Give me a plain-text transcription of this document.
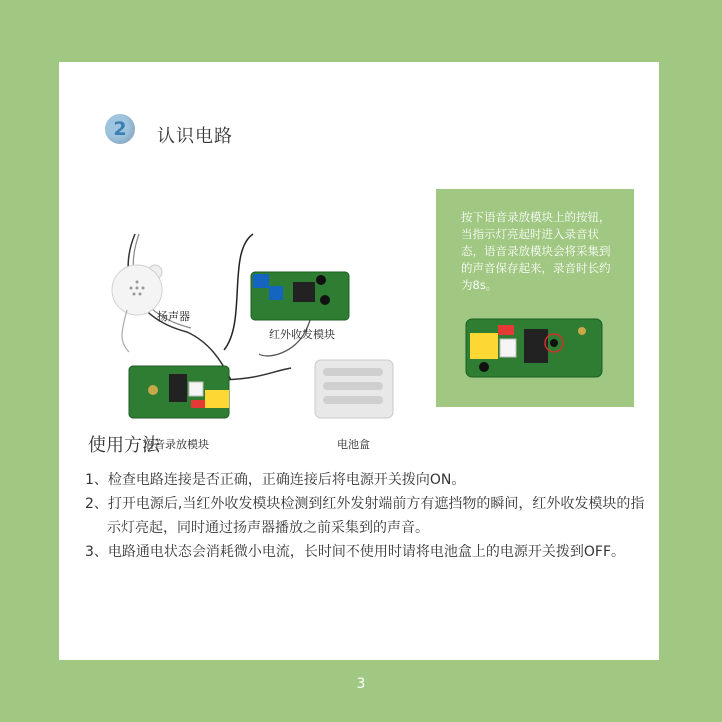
2 认识电路
扬声器
红外收发模块
语音录放模块	电池盒
按下语音录放模块上的按钮，当指示灯亮起时进入录音状态，语音录放模块会将采集到的声音保存起来，录音时长约为8s。
使用方法
1、检查电路连接是否正确，正确连接后将电源开关拨向ON。
2、打开电源后,当红外收发模块检测到红外发射端前方有遮挡物的瞬间，红外收发模块的指示灯亮起，同时通过扬声器播放之前采集到的声音。
3、电路通电状态会消耗微小电流，长时间不使用时请将电池盒上的电源开关拨到OFF。
3
